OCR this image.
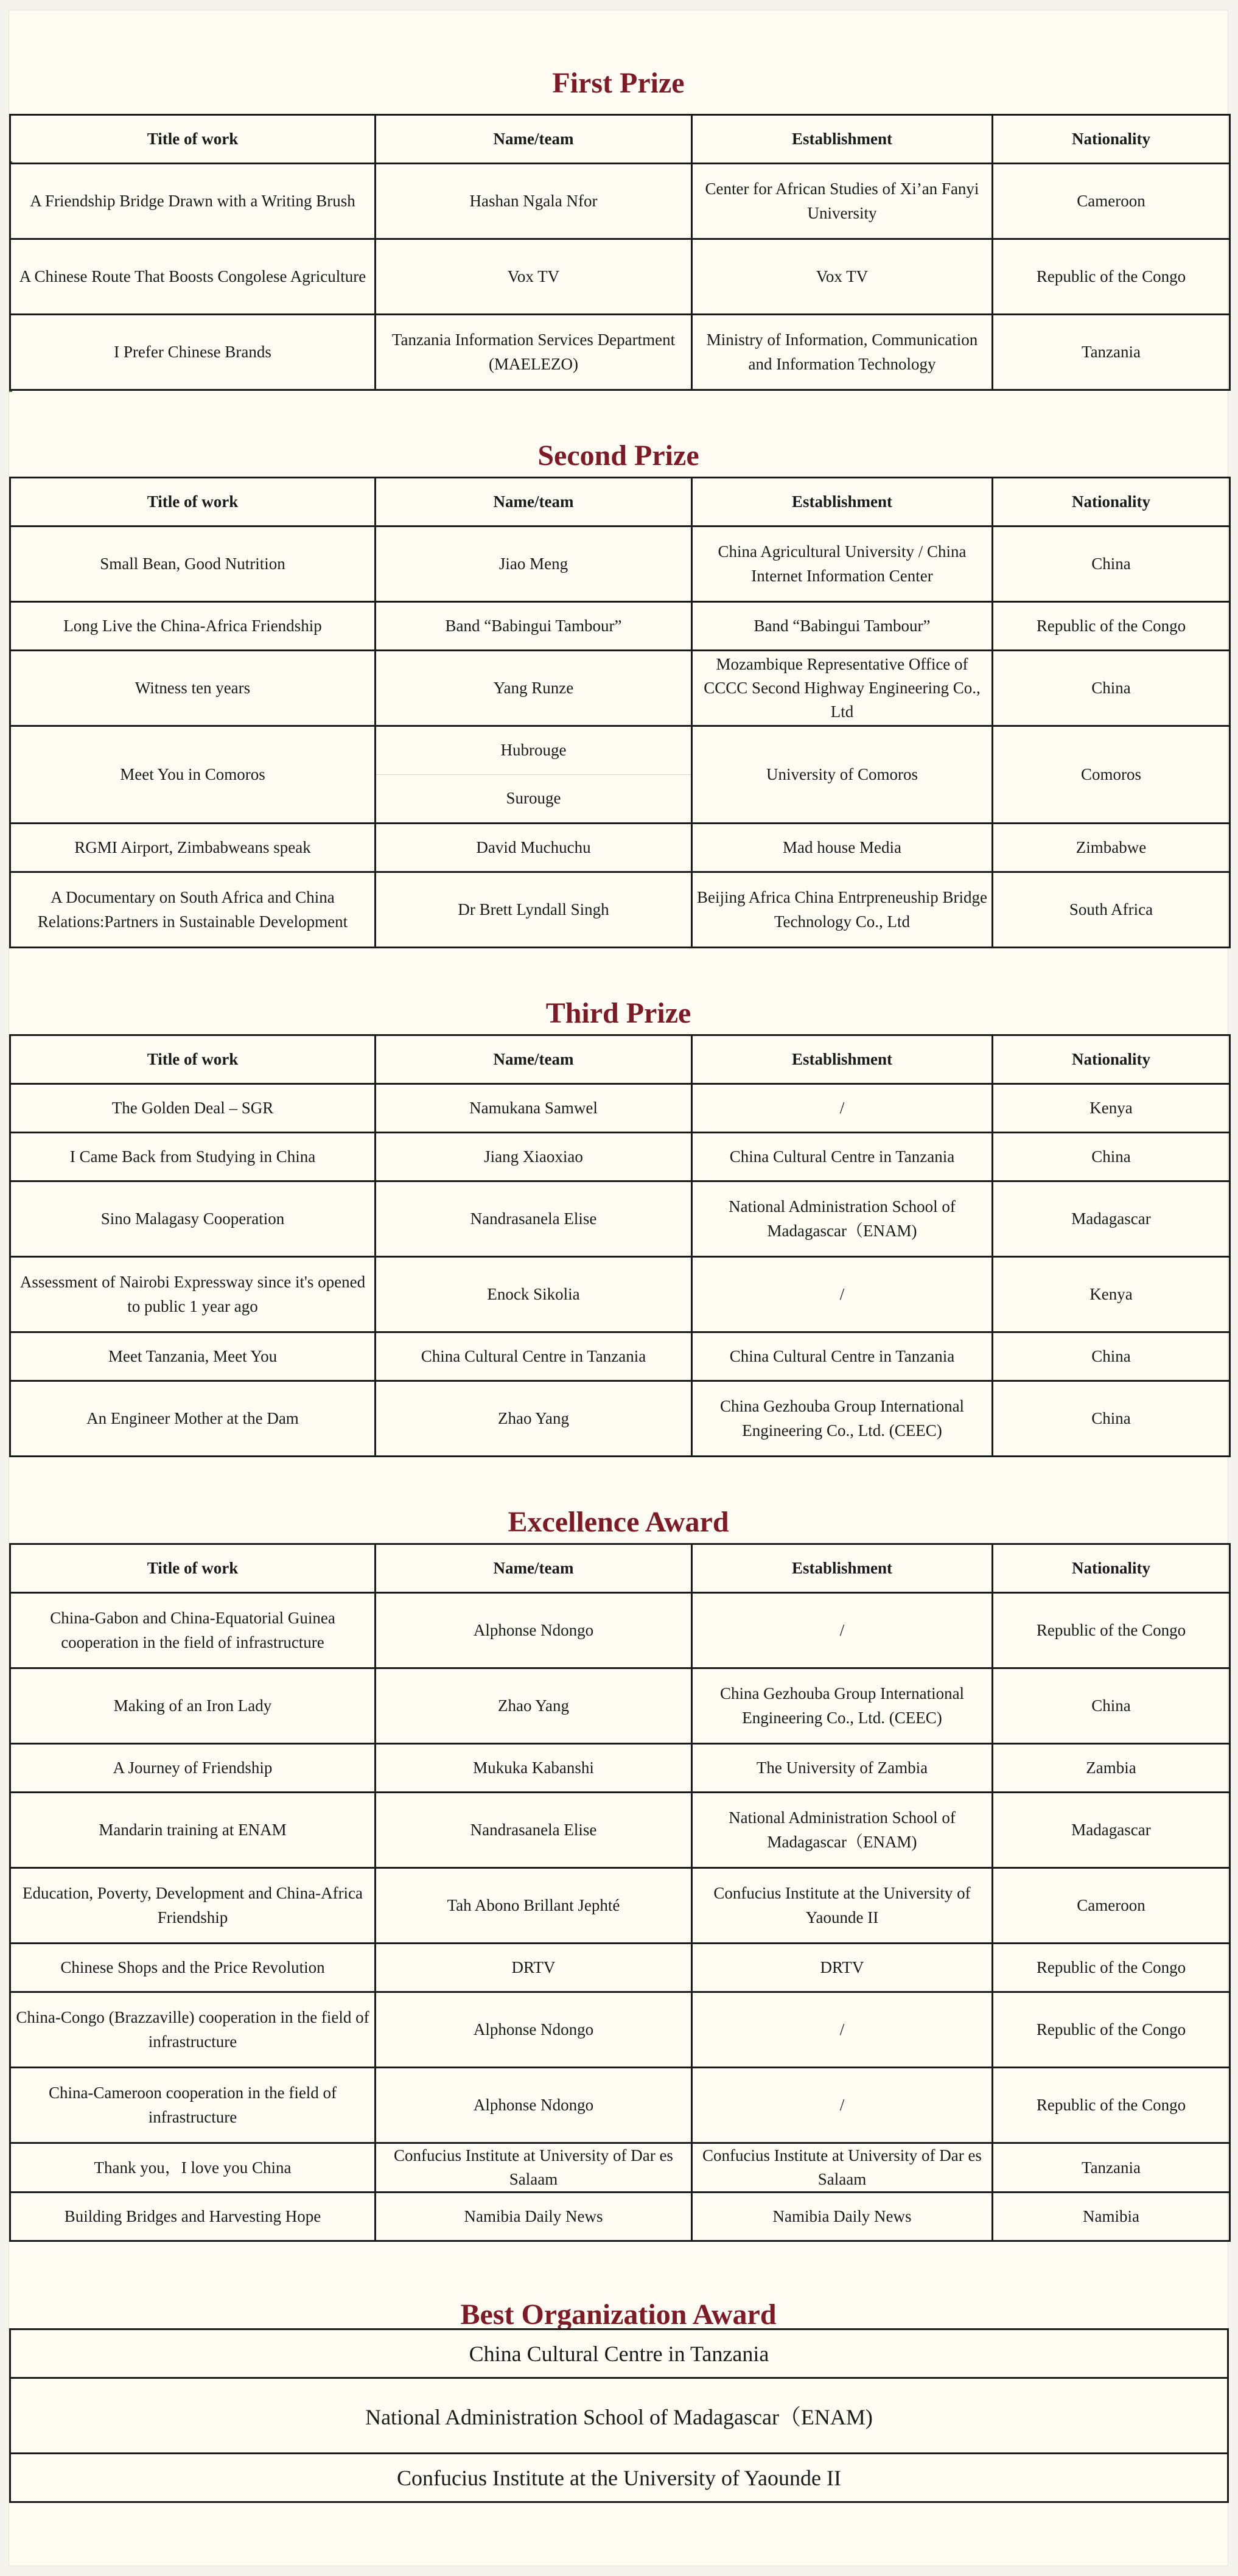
First Prize
Title of work	Name/team	Establishment	Nationality
A Friendship Bridge Drawn with a Writing Brush	Hashan Ngala Nfor	Center for African Studies of Xi’an Fanyi University	Cameroon
A Chinese Route That Boosts Congolese Agriculture	Vox TV	Vox TV	Republic of the Congo
I Prefer Chinese Brands	Tanzania Information Services Department (MAELEZO)	Ministry of Information, Communication and Information Technology	Tanzania
Second Prize
Title of work	Name/team	Establishment	Nationality
Small Bean, Good Nutrition	Jiao Meng	China Agricultural University / China Internet Information Center	China
Long Live the China-Africa Friendship	Band “Babingui Tambour”	Band “Babingui Tambour”	Republic of the Congo
Witness ten years	Yang Runze	Mozambique Representative Office of CCCC Second Highway Engineering Co., Ltd	China
Meet You in Comoros	Hubrouge	University of Comoros	Comoros
	Surouge		
RGMI Airport, Zimbabweans speak	David Muchuchu	Mad house Media	Zimbabwe
A Documentary on South Africa and China Relations:Partners in Sustainable Development	Dr Brett Lyndall Singh	Beijing Africa China Entrpreneuship Bridge Technology Co., Ltd	South Africa
Third Prize
Title of work	Name/team	Establishment	Nationality
The Golden Deal – SGR	Namukana Samwel	/	Kenya
I Came Back from Studying in China	Jiang Xiaoxiao	China Cultural Centre in Tanzania	China
Sino Malagasy Cooperation	Nandrasanela Elise	National Administration School of Madagascar（ENAM)	Madagascar
Assessment of Nairobi Expressway since it's opened to public 1 year ago	Enock Sikolia	/	Kenya
Meet Tanzania, Meet You	China Cultural Centre in Tanzania	China Cultural Centre in Tanzania	China
An Engineer Mother at the Dam	Zhao Yang	China Gezhouba Group International Engineering Co., Ltd. (CEEC)	China
Excellence Award
Title of work	Name/team	Establishment	Nationality
China-Gabon and China-Equatorial Guinea cooperation in the field of infrastructure	Alphonse Ndongo	/	Republic of the Congo
Making of an Iron Lady	Zhao Yang	China Gezhouba Group International Engineering Co., Ltd. (CEEC)	China
A Journey of Friendship	Mukuka Kabanshi	The University of Zambia	Zambia
Mandarin training at ENAM	Nandrasanela Elise	National Administration School of Madagascar（ENAM)	Madagascar
Education, Poverty, Development and China-Africa Friendship	Tah Abono Brillant Jephté	Confucius Institute at the University of Yaounde II	Cameroon
Chinese Shops and the Price Revolution	DRTV	DRTV	Republic of the Congo
China-Congo (Brazzaville) cooperation in the field of infrastructure	Alphonse Ndongo	/	Republic of the Congo
China-Cameroon cooperation in the field of infrastructure	Alphonse Ndongo	/	Republic of the Congo
Thank you，I love you China	Confucius Institute at University of Dar es Salaam	Confucius Institute at University of Dar es Salaam	Tanzania
Building Bridges and Harvesting Hope	Namibia Daily News	Namibia Daily News	Namibia
Best Organization Award
China Cultural Centre in Tanzania
National Administration School of Madagascar（ENAM)
Confucius Institute at the University of Yaounde II
